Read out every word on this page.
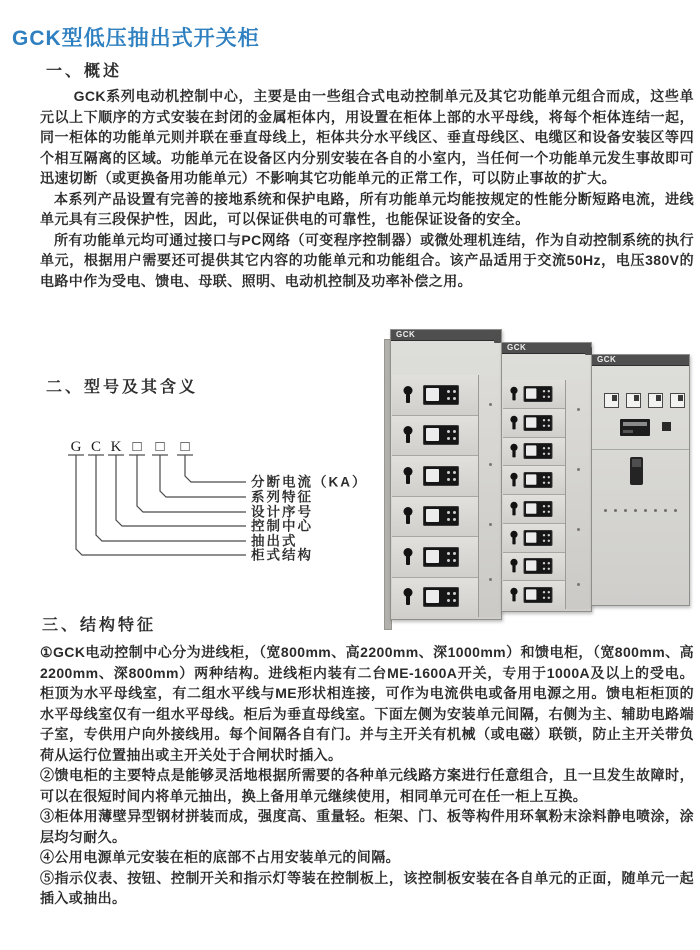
GCK型低压抽出式开关柜
一、概述

GCK系列电动机控制中心，主要是由一些组合式电动控制单元及其它功能单元组合而成，这些单元以上下顺序的方式安装在封闭的金属柜体内，用设置在柜体上部的水平母线，将每个柜体连结一起，同一柜体的功能单元则并联在垂直母线上，柜体共分水平线区、垂直母线区、电缆区和设备安装区等四个相互隔离的区域。功能单元在设备区内分别安装在各自的小室内，当任何一个功能单元发生事故即可迅速切断（或更换备用功能单元）不影响其它功能单元的正常工作，可以防止事故的扩大。

本系列产品设置有完善的接地系统和保护电路，所有功能单元均能按规定的性能分断短路电流，进线单元具有三段保护性，因此，可以保证供电的可靠性，也能保证设备的安全。

所有功能单元均可通过接口与PC网络（可变程序控制器）或微处理机连结，作为自动控制系统的执行单元，根据用户需要还可提供其它内容的功能单元和功能组合。该产品适用于交流50Hz，电压380V的电路中作为受电、馈电、母联、照明、电动机控制及功率补偿之用。

二、型号及其含义
G C K □ □ □
分断电流（KA）
系列特征
设计序号
控制中心
抽出式
柜式结构
GCK
GCK
GCK
三、结构特征

①GCK电动控制中心分为进线柜，（宽800mm、高2200mm、深1000mm）和馈电柜，（宽800mm、高2200mm、深800mm）两种结构。进线柜内装有二台ME-1600A开关，专用于1000A及以上的受电。柜顶为水平母线室，有二组水平线与ME形状相连接，可作为电流供电或备用电源之用。馈电柜柜顶的水平母线室仅有一组水平母线。柜后为垂直母线室。下面左侧为安装单元间隔，右侧为主、辅助电路端子室，专供用户向外接线用。每个间隔各自有门。并与主开关有机械（或电磁）联锁，防止主开关带负荷从运行位置抽出或主开关处于合闸状时插入。

②馈电柜的主要特点是能够灵活地根据所需要的各种单元线路方案进行任意组合，且一旦发生故障时，可以在很短时间内将单元抽出，换上备用单元继续使用，相同单元可在任一柜上互换。

③柜体用薄壁异型钢材拼装而成，强度高、重量轻。柜架、门、板等构件用环氧粉末涂料静电喷涂，涂层均匀耐久。

④公用电源单元安装在柜的底部不占用安装单元的间隔。

⑤指示仪表、按钮、控制开关和指示灯等装在控制板上，该控制板安装在各自单元的正面，随单元一起插入或抽出。
